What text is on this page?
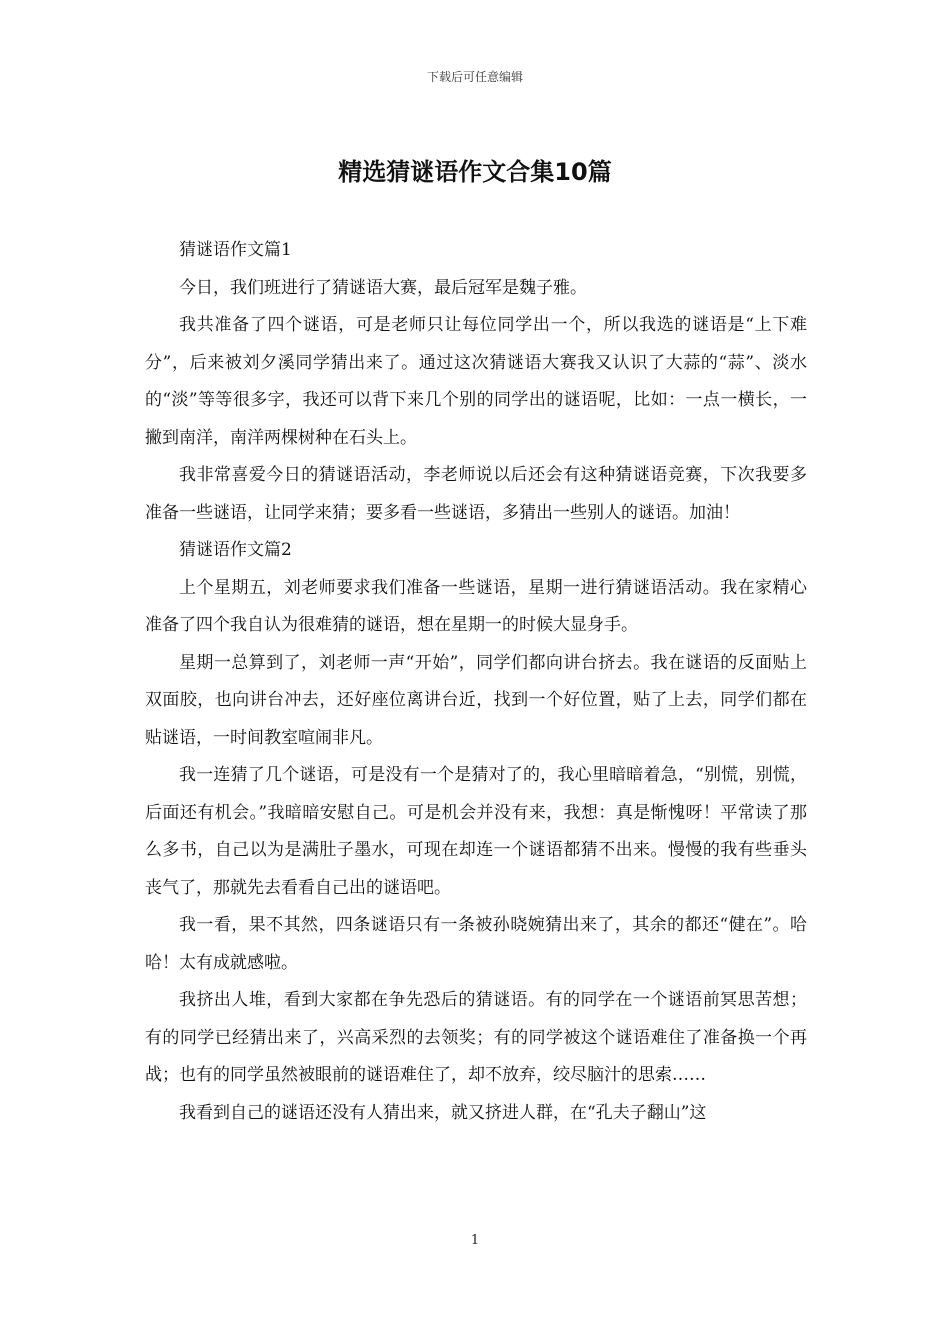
下载后可任意编辑
精选猜谜语作文合集10篇

猜谜语作文篇1

今日，我们班进行了猜谜语大赛，最后冠军是魏子雅。

我共准备了四个谜语，可是老师只让每位同学出一个，所以我选的谜语是“上下难分”，后来被刘夕溪同学猜出来了。通过这次猜谜语大赛我又认识了大蒜的“蒜”、淡水的“淡”等等很多字，我还可以背下来几个别的同学出的谜语呢，比如：一点一横长，一撇到南洋，南洋两棵树种在石头上。

我非常喜爱今日的猜谜语活动，李老师说以后还会有这种猜谜语竞赛，下次我要多准备一些谜语，让同学来猜；要多看一些谜语，多猜出一些别人的谜语。加油！

猜谜语作文篇2

上个星期五，刘老师要求我们准备一些谜语，星期一进行猜谜语活动。我在家精心准备了四个我自认为很难猜的谜语，想在星期一的时候大显身手。

星期一总算到了，刘老师一声“开始”，同学们都向讲台挤去。我在谜语的反面贴上双面胶，也向讲台冲去，还好座位离讲台近，找到一个好位置，贴了上去，同学们都在贴谜语，一时间教室喧闹非凡。

我一连猜了几个谜语，可是没有一个是猜对了的，我心里暗暗着急，“别慌，别慌，后面还有机会。”我暗暗安慰自己。可是机会并没有来，我想：真是惭愧呀！平常读了那么多书，自己以为是满肚子墨水，可现在却连一个谜语都猜不出来。慢慢的我有些垂头丧气了，那就先去看看自己出的谜语吧。

我一看，果不其然，四条谜语只有一条被孙晓婉猜出来了，其余的都还“健在”。哈哈！太有成就感啦。

我挤出人堆，看到大家都在争先恐后的猜谜语。有的同学在一个谜语前冥思苦想；有的同学已经猜出来了，兴高采烈的去领奖；有的同学被这个谜语难住了准备换一个再战；也有的同学虽然被眼前的谜语难住了，却不放弃，绞尽脑汁的思索……

我看到自己的谜语还没有人猜出来，就又挤进人群，在“孔夫子翻山”这

1
